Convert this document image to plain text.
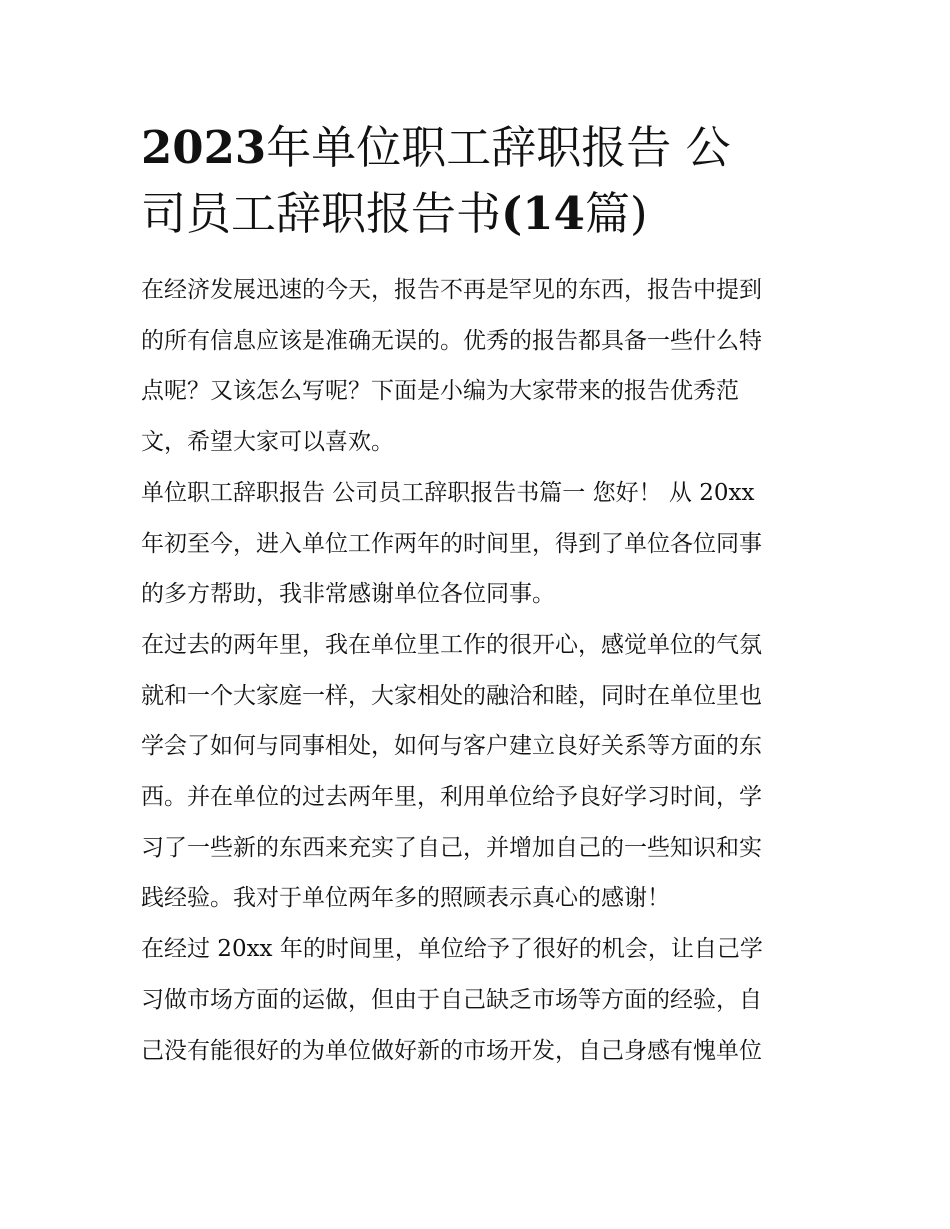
2023年单位职工辞职报告 公
司员工辞职报告书(14篇)

在经济发展迅速的今天，报告不再是罕见的东西，报告中提到
的所有信息应该是准确无误的。优秀的报告都具备一些什么特
点呢？又该怎么写呢？下面是小编为大家带来的报告优秀范
文，希望大家可以喜欢。

单位职工辞职报告 公司员工辞职报告书篇一 您好！ 从 20xx
年初至今，进入单位工作两年的时间里，得到了单位各位同事
的多方帮助，我非常感谢单位各位同事。

在过去的两年里，我在单位里工作的很开心，感觉单位的气氛
就和一个大家庭一样，大家相处的融洽和睦，同时在单位里也
学会了如何与同事相处，如何与客户建立良好关系等方面的东
西。并在单位的过去两年里，利用单位给予良好学习时间，学
习了一些新的东西来充实了自己，并增加自己的一些知识和实
践经验。我对于单位两年多的照顾表示真心的感谢！

在经过 20xx 年的时间里，单位给予了很好的机会，让自己学
习做市场方面的运做，但由于自己缺乏市场等方面的经验，自
己没有能很好的为单位做好新的市场开发，自己身感有愧单位
